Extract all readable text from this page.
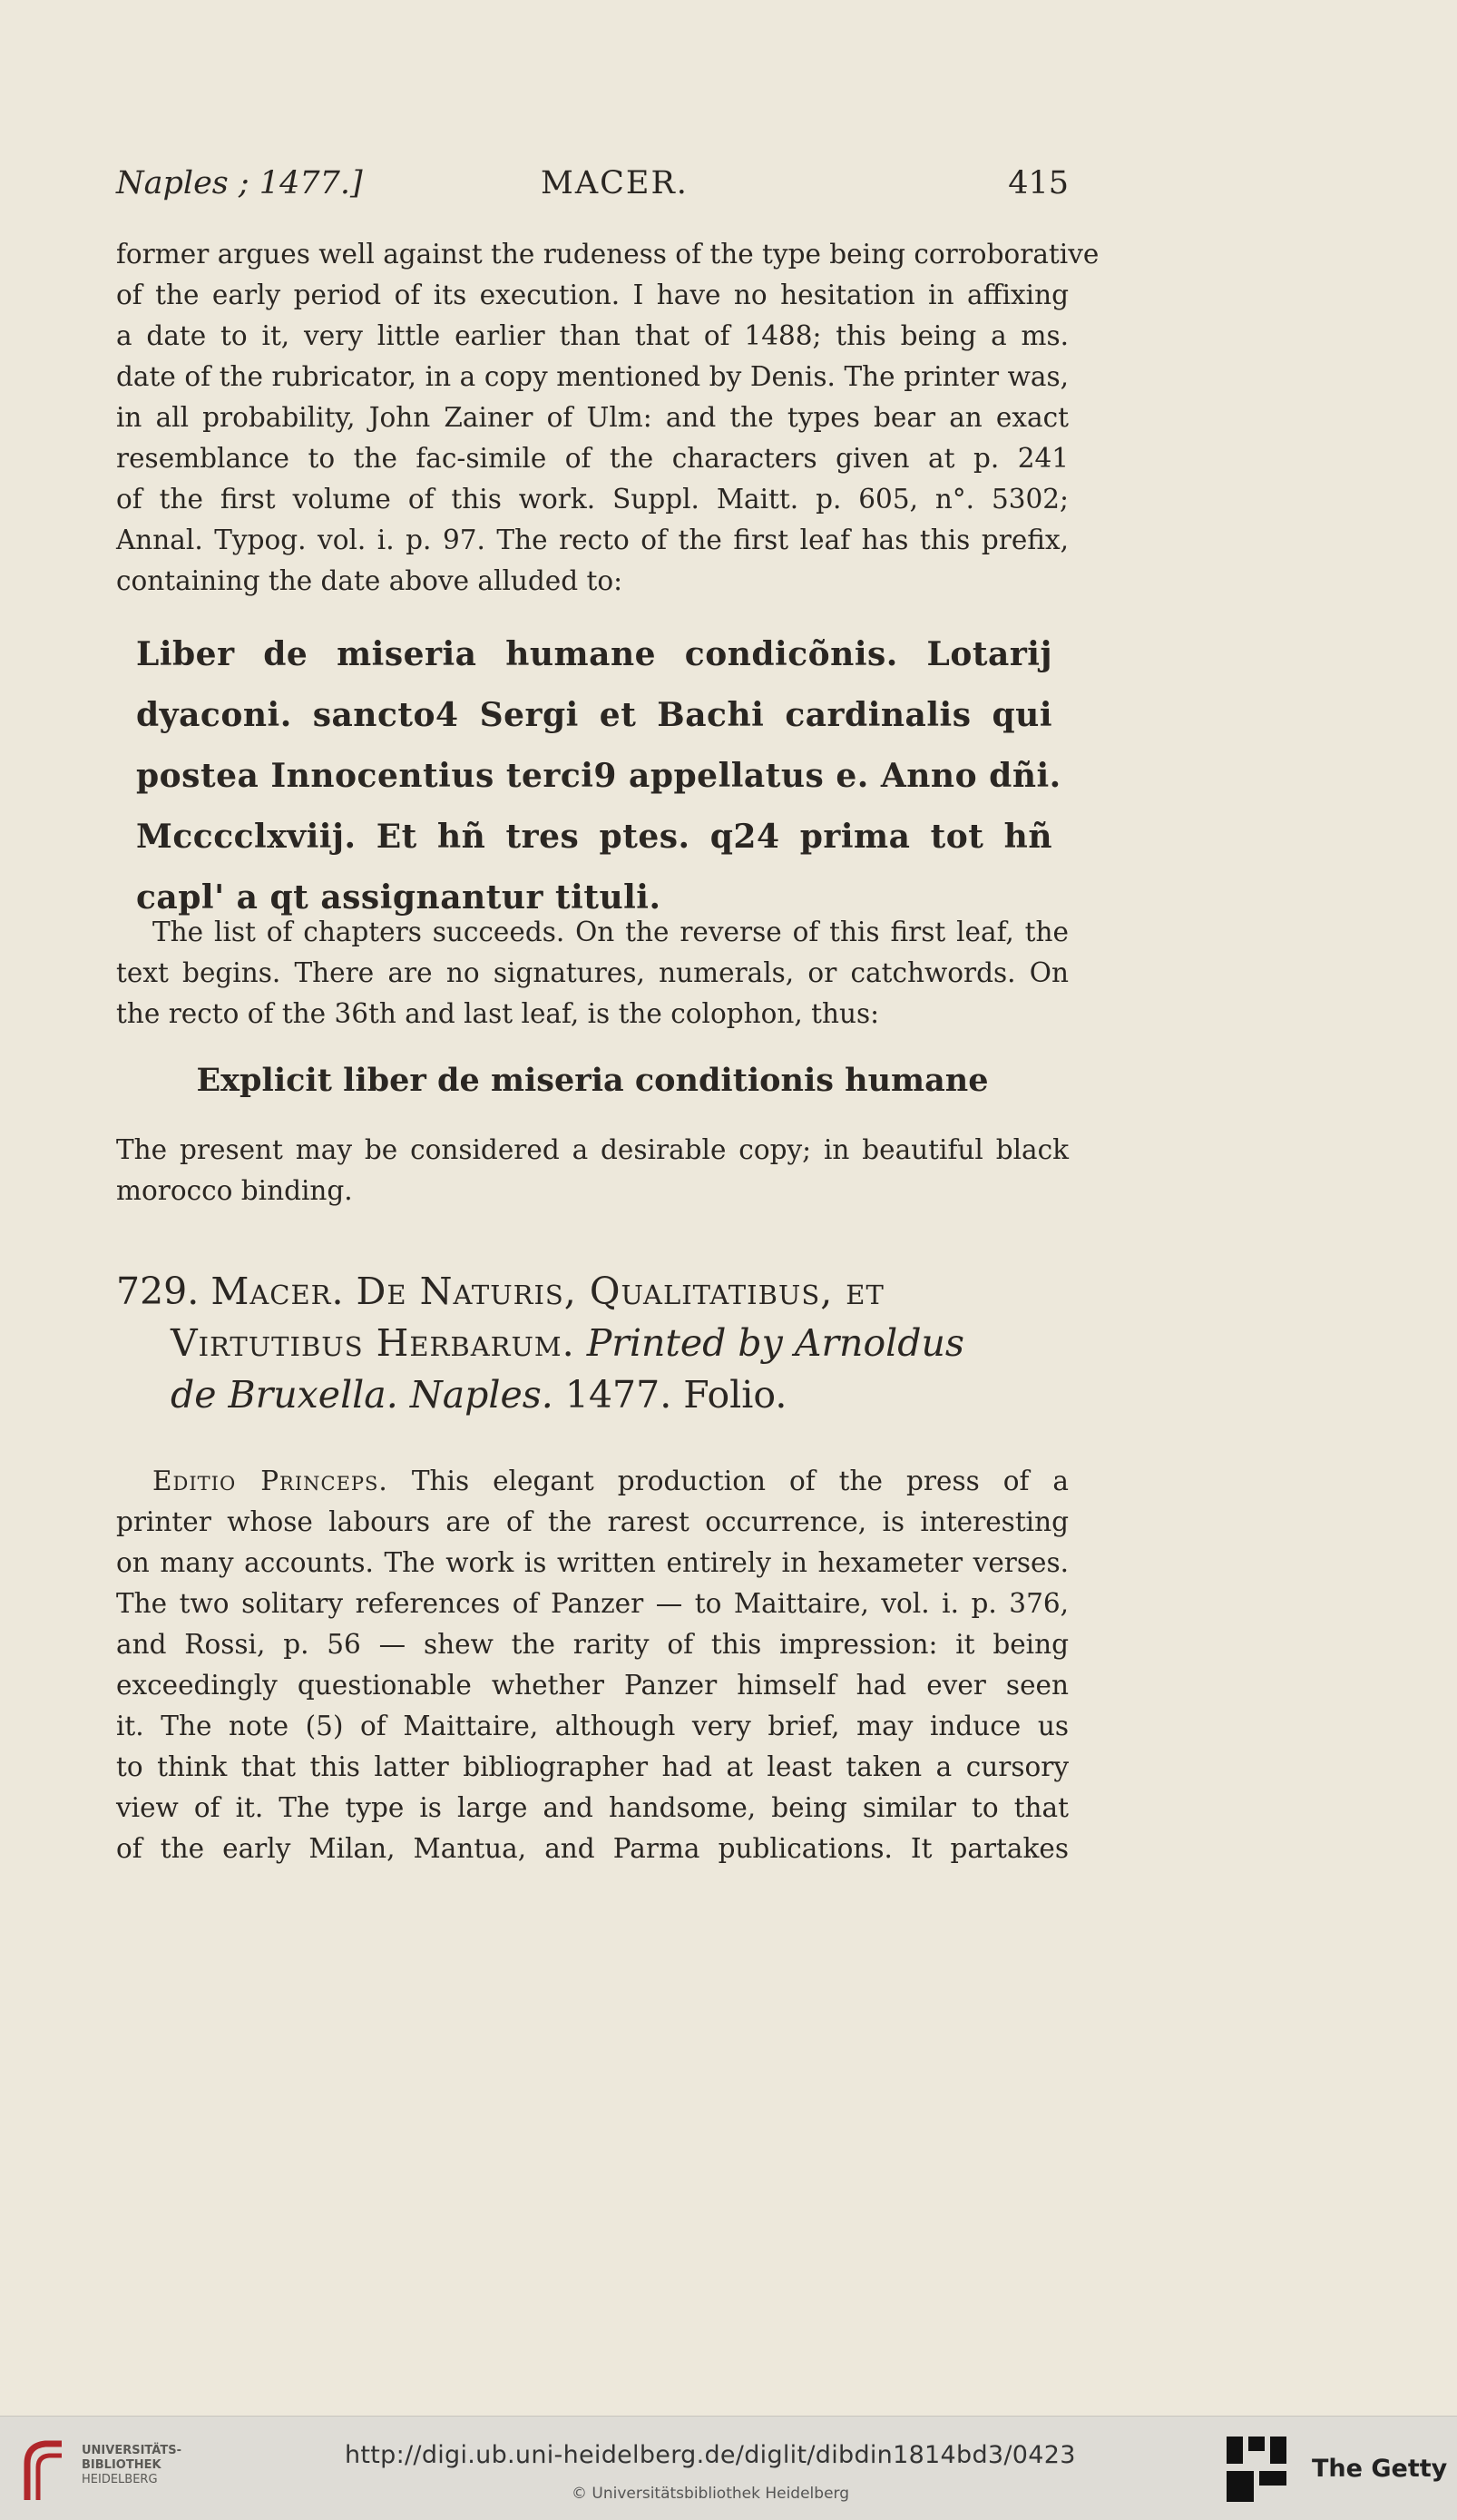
Naples ; 1477.]	MACER.	415

former argues well against the rudeness of the type being corroborative
of the early period of its execution. I have no hesitation in affixing
a date to it, very little earlier than that of 1488; this being a ms.
date of the rubricator, in a copy mentioned by Denis. The printer was,
in all probability, John Zainer of Ulm: and the types bear an exact
resemblance to the fac-simile of the characters given at p. 241
of the first volume of this work. Suppl. Maitt. p. 605, n°. 5302;
Annal. Typog. vol. i. p. 97. The recto of the first leaf has this prefix,
containing the date above alluded to:

Liber de miseria humane condicõnis. Lotarij
dyaconi. sancto4 Sergi et Bachi cardinalis qui
postea Innocentius terci9 appellatus e. Anno dñi.
Mcccclxviij. Et hñ tres ptes. q24 prima tot hñ
capl' a qt assignantur tituli.

The list of chapters succeeds. On the reverse of this first leaf, the
text begins. There are no signatures, numerals, or catchwords. On
the recto of the 36th and last leaf, is the colophon, thus:

Explicit liber de miseria conditionis humane

The present may be considered a desirable copy; in beautiful black
morocco binding.

729. Macer. De Naturis, Qualitatibus, et
Virtutibus Herbarum. Printed by Arnoldus
de Bruxella. Naples. 1477. Folio.

Editio Princeps. This elegant production of the press of a
printer whose labours are of the rarest occurrence, is interesting
on many accounts. The work is written entirely in hexameter verses.
The two solitary references of Panzer — to Maittaire, vol. i. p. 376,
and Rossi, p. 56 — shew the rarity of this impression: it being
exceedingly questionable whether Panzer himself had ever seen
it. The note (5) of Maittaire, although very brief, may induce us
to think that this latter bibliographer had at least taken a cursory
view of it. The type is large and handsome, being similar to that
of the early Milan, Mantua, and Parma publications. It partakes

UNIVERSITÄTS-
BIBLIOTHEK
HEIDELBERG
http://digi.ub.uni-heidelberg.de/diglit/dibdin1814bd3/0423
© Universitätsbibliothek Heidelberg
The Getty
